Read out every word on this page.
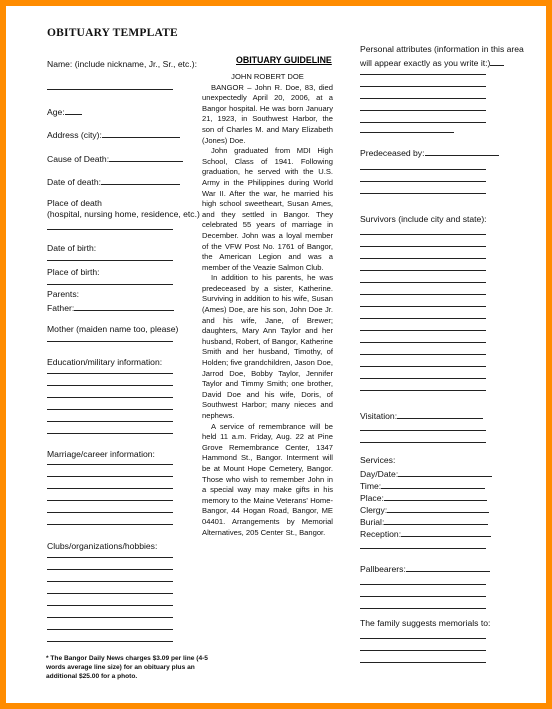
OBITUARY TEMPLATE
Name: (include nickname, Jr., Sr., etc.):
Age:
Address (city):
Cause of Death:
Date of death:
Place of death
(hospital, nursing home, residence, etc.)
Date of birth:
Place of birth:
Parents:
Father:
Mother (maiden name too, please)
Education/military information:
Marriage/career information:
Clubs/organizations/hobbies:
* The Bangor Daily News charges $3.09 per line (4-5 words average line size) for an obituary plus an additional $25.00 for a photo.
OBITUARY GUIDELINE

JOHN ROBERT DOE

BANGOR – John R. Doe, 83, died unexpectedly April 20, 2006, at a Bangor hospital. He was born January 21, 1923, in Southwest Harbor, the son of Charles M. and Mary Elizabeth (Jones) Doe.

John graduated from MDI High School, Class of 1941. Following graduation, he served with the U.S. Army in the Philippines during World War II. After the war, he married his high school sweetheart, Susan Ames, and they settled in Bangor. They celebrated 55 years of marriage in December. John was a loyal member of the VFW Post No. 1761 of Bangor, the American Legion and was a member of the Veazie Salmon Club.

In addition to his parents, he was predeceased by a sister, Katherine. Surviving in addition to his wife, Susan (Ames) Doe, are his son, John Doe Jr. and his wife, Jane, of Brewer; daughters, Mary Ann Taylor and her husband, Robert, of Bangor, Katherine Smith and her husband, Timothy, of Holden; five grandchildren, Jason Doe, Jarrod Doe, Bobby Taylor, Jennifer Taylor and Timmy Smith; one brother, David Doe and his wife, Doris, of Southwest Harbor; many nieces and nephews.

A service of remembrance will be held 11 a.m. Friday, Aug. 22 at Pine Grove Remembrance Center, 1347 Hammond St., Bangor. Interment will be at Mount Hope Cemetery, Bangor. Those who wish to remember John in a special way may make gifts in his memory to the Maine Veterans' Home-Bangor, 44 Hogan Road, Bangor, ME 04401. Arrangements by Memorial Alternatives, 205 Center St., Bangor.

Personal attributes (information in this area
will appear exactly as you write it:)
Predeceased by:
Survivors (include city and state):
Visitation:
Services:
Day/Date:
Time:
Place:
Clergy:
Burial:
Reception:
Pallbearers:
The family suggests memorials to:
